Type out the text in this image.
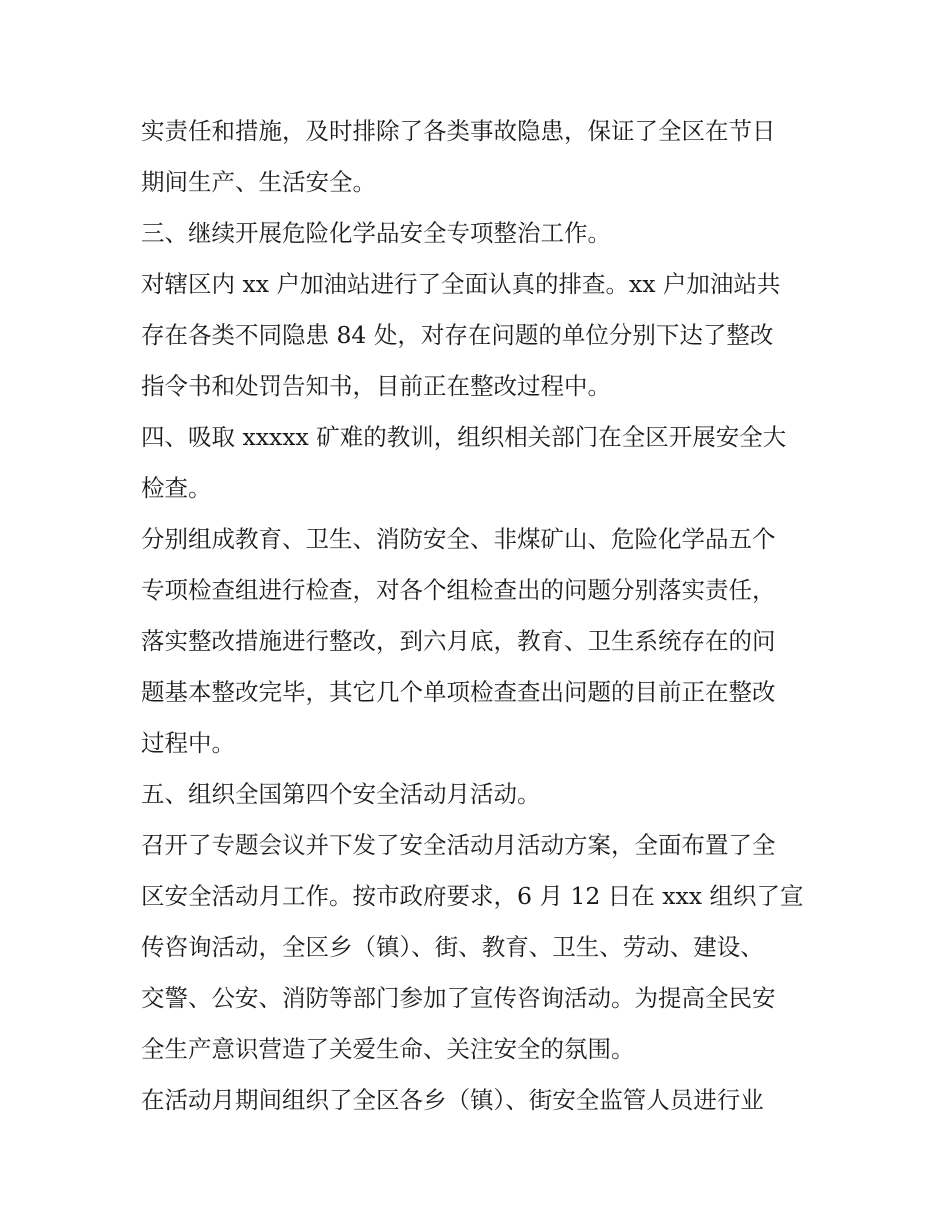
实责任和措施，及时排除了各类事故隐患，保证了全区在节日

期间生产、生活安全。

三、继续开展危险化学品安全专项整治工作。

对辖区内 xx 户加油站进行了全面认真的排查。xx 户加油站共

存在各类不同隐患 84 处，对存在问题的单位分别下达了整改

指令书和处罚告知书，目前正在整改过程中。

四、吸取 xxxxx 矿难的教训，组织相关部门在全区开展安全大

检查。

分别组成教育、卫生、消防安全、非煤矿山、危险化学品五个

专项检查组进行检查，对各个组检查出的问题分别落实责任，

落实整改措施进行整改，到六月底，教育、卫生系统存在的问

题基本整改完毕，其它几个单项检查查出问题的目前正在整改

过程中。

五、组织全国第四个安全活动月活动。

召开了专题会议并下发了安全活动月活动方案，全面布置了全

区安全活动月工作。按市政府要求，6 月 12 日在 xxx 组织了宣

传咨询活动，全区乡（镇）、街、教育、卫生、劳动、建设、

交警、公安、消防等部门参加了宣传咨询活动。为提高全民安

全生产意识营造了关爱生命、关注安全的氛围。

在活动月期间组织了全区各乡（镇）、街安全监管人员进行业
